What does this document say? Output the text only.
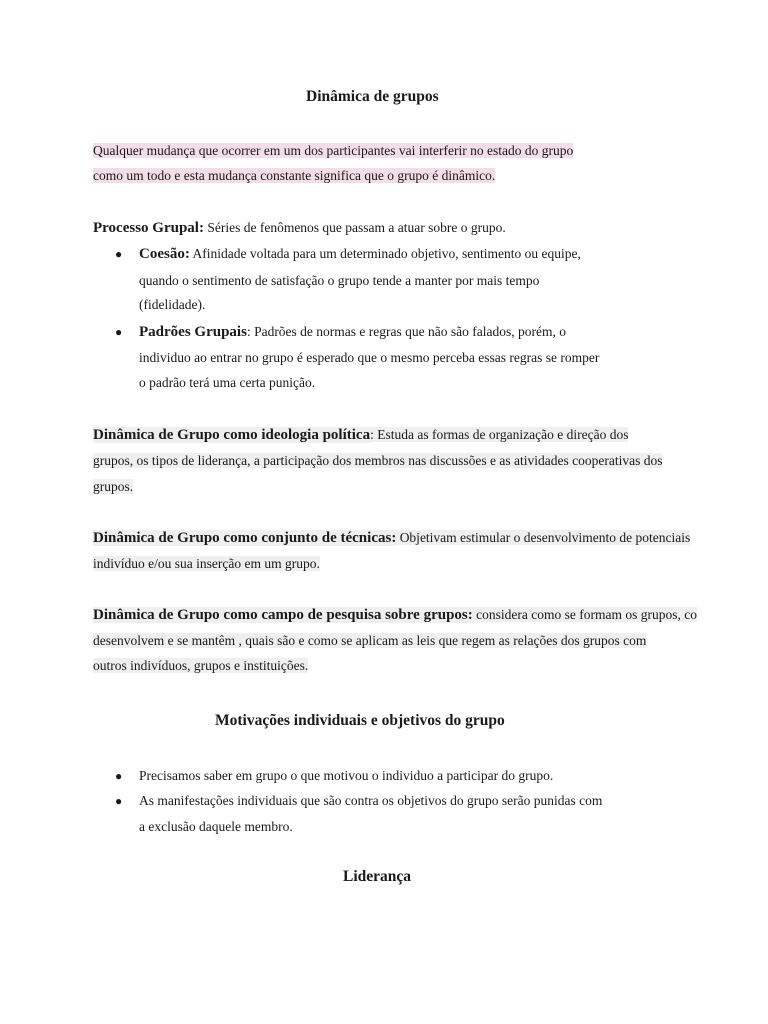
Dinâmica de grupos
Qualquer mudança que ocorrer em um dos participantes vai interferir no estado do grupo
como um todo e esta mudança constante significa que o grupo é dinâmico.
Processo Grupal: Séries de fenômenos que passam a atuar sobre o grupo.
● Coesão: Afinidade voltada para um determinado objetivo, sentimento ou equipe,
quando o sentimento de satisfação o grupo tende a manter por mais tempo
(fidelidade).
● Padrões Grupais: Padrões de normas e regras que não são falados, porém, o
individuo ao entrar no grupo é esperado que o mesmo perceba essas regras se romper
o padrão terá uma certa punição.
Dinâmica de Grupo como ideologia política: Estuda as formas de organização e direção dos
grupos, os tipos de liderança, a participação dos membros nas discussões e as atividades cooperativas dos
grupos.
Dinâmica de Grupo como conjunto de técnicas: Objetivam estimular o desenvolvimento de potenciais
indivíduo e/ou sua inserção em um grupo.
Dinâmica de Grupo como campo de pesquisa sobre grupos: considera como se formam os grupos, co
desenvolvem e se mantêm , quais são e como se aplicam as leis que regem as relações dos grupos com
outros indivíduos, grupos e instituições.
Motivações individuais e objetivos do grupo
● Precisamos saber em grupo o que motivou o individuo a participar do grupo.
● As manifestações individuais que são contra os objetivos do grupo serão punidas com
a exclusão daquele membro.
Liderança
